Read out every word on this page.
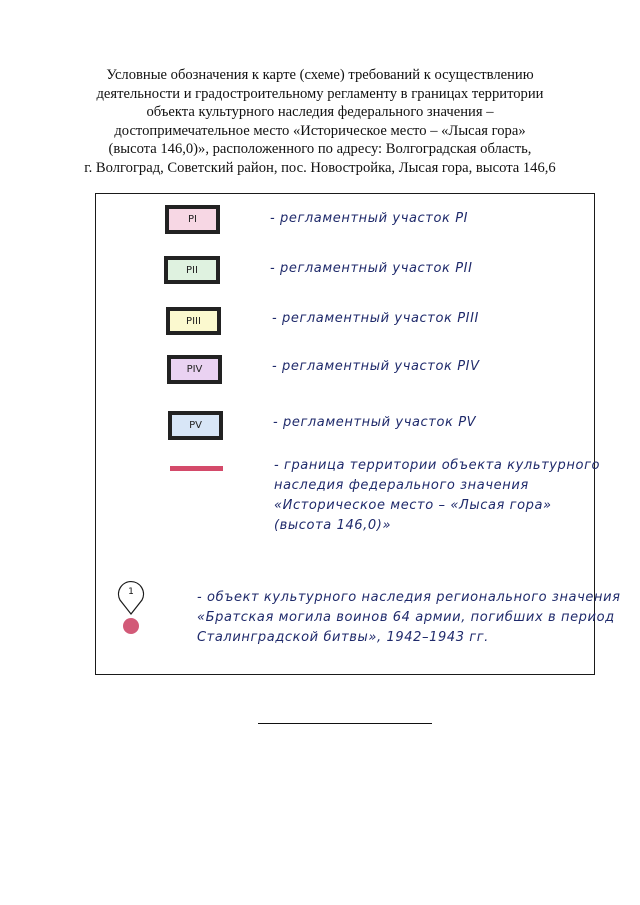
Условные обозначения к карте (схеме) требований к осуществлению
деятельности и градостроительному регламенту в границах территории
объекта культурного наследия федерального значения –
достопримечательное место «Историческое место – «Лысая гора»
(высота 146,0)», расположенного по адресу: Волгоградская область,
г. Волгоград, Советский район, пос. Новостройка, Лысая гора, высота 146,6
PI	- регламентный участок PI
PII	- регламентный участок PII
PIII	- регламентный участок PIII
PIV	- регламентный участок PIV
PV	- регламентный участок PV
- граница территории объекта культурного
наследия федерального значения
«Историческое место – «Лысая гора»
(высота 146,0)»
1	- объект культурного наследия регионального значения
«Братская могила воинов 64 армии, погибших в период
Сталинградской битвы», 1942–1943 гг.
